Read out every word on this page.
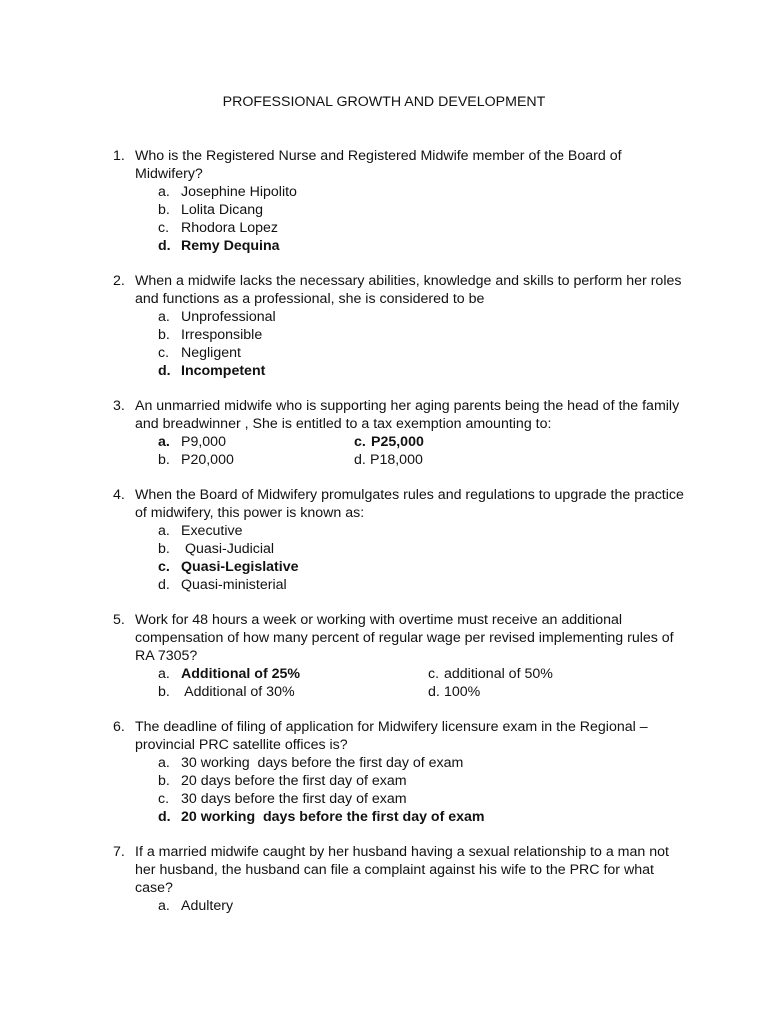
PROFESSIONAL GROWTH AND DEVELOPMENT
1. Who is the Registered Nurse and Registered Midwife member of the Board of Midwifery?
a. Josephine Hipolito
b. Lolita Dicang
c. Rhodora Lopez
d. Remy Dequina
2. When a midwife lacks the necessary abilities, knowledge and skills to perform her roles and functions as a professional, she is considered to be
a. Unprofessional
b. Irresponsible
c. Negligent
d. Incompetent
3. An unmarried midwife who is supporting her aging parents being the head of the family and breadwinner , She is entitled to a tax exemption amounting to:
a. P9,000	c. P25,000
b. P20,000	d. P18,000
4. When the Board of Midwifery promulgates rules and regulations to upgrade the practice of midwifery, this power is known as:
a. Executive
b. Quasi-Judicial
c. Quasi-Legislative
d. Quasi-ministerial
5. Work for 48 hours a week or working with overtime must receive an additional compensation of how many percent of regular wage per revised implementing rules of RA 7305?
a. Additional of 25%	c. additional of 50%
b. Additional of 30%	d. 100%
6. The deadline of filing of application for Midwifery licensure exam in the Regional –provincial PRC satellite offices is?
a. 30 working  days before the first day of exam
b. 20 days before the first day of exam
c. 30 days before the first day of exam
d. 20 working  days before the first day of exam
7. If a married midwife caught by her husband having a sexual relationship to a man not her husband, the husband can file a complaint against his wife to the PRC for what case?
a. Adultery
